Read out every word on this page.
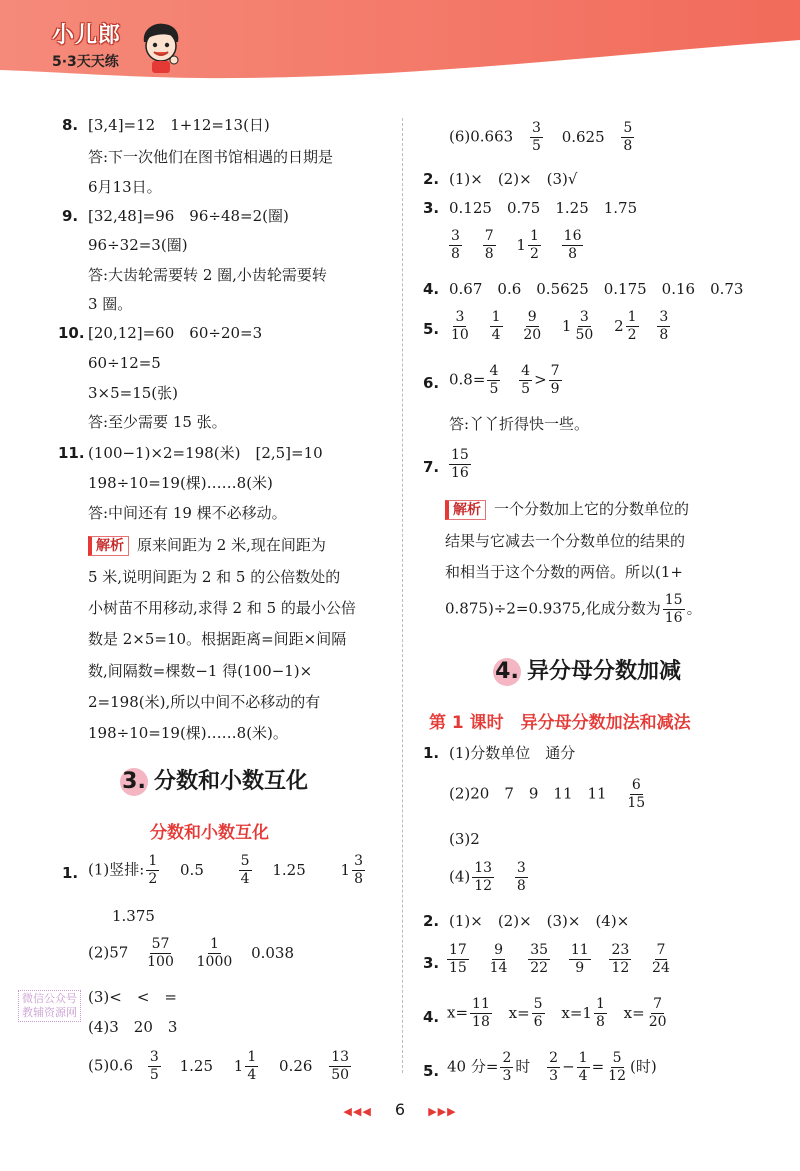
小儿郎
5·3天天练
8. [3,4]=12　1+12=13(日)
答:下一次他们在图书馆相遇的日期是
6月13日。
9. [32,48]=96　96÷48=2(圈)
96÷32=3(圈)
答:大齿轮需要转 2 圈,小齿轮需要转
3 圈。
10. [20,12]=60　60÷20=3
60÷12=5
3×5=15(张)
答:至少需要 15 张。
11. (100−1)×2=198(米)　[2,5]=10
198÷10=19(棵)……8(米)
答:中间还有 19 棵不必移动。
解析 原来间距为 2 米,现在间距为
5 米,说明间距为 2 和 5 的公倍数处的
小树苗不用移动,求得 2 和 5 的最小公倍
数是 2×5=10。根据距离=间距×间隔
数,间隔数=棵数−1 得(100−1)×
2=198(米),所以中间不必移动的有
198÷10=19(棵)……8(米)。
3. 分数和小数互化
分数和小数互化
1. (1)竖排: $\frac{1}{2} 0.5 \frac{5}{4} 1.25$ $1 \frac{3}{8}$
1.375
$(2)57 \frac{57}{100}$
$\frac{1}{1000} 0.038$
(3)<　<　=
(4)3　20　3
$(5)0.6 \frac{3}{5} 1.25$ $1 \frac{1}{4} 0.26 \frac{13}{50}$
微信公众号
教辅资源网
$(6)0.663 \frac{3}{5} 0.625 \frac{5}{8}$
2. (1)×　(2)×　(3)√
3. 0.125　0.75　1.25　1.75
$\frac{3}{8}$
$\frac{7}{8} 1 \frac{1}{2}$
$\frac{16}{8}$
4. 0.67　0.6　0.5625　0.175　0.16　0.73
5. $\frac{3}{10}$
$\frac{1}{4}$
$\frac{9}{20} 1 \frac{3}{50} 2 \frac{1}{2}$
$\frac{3}{8}$
6. $0.8= \frac{4}{5}$
$\frac{4}{5} > \frac{7}{9}$
答:丫丫折得快一些。
7. $\frac{15}{16}$
解析 一个分数加上它的分数单位的
结果与它减去一个分数单位的结果的
和相当于这个分数的两倍。所以(1+
0.875)÷2=0.9375,化成分数为 $\frac{15}{16}$ 。
4. 异分母分数加减
第 1 课时　异分母分数加法和减法
1. (1)分数单位　通分
(2)20　7　9　11　$11 \frac{6}{15}$
(3)2
$(4) \frac{13}{12}$
$\frac{3}{8}$
2. (1)×　(2)×　(3)×　(4)×
3. $\frac{17}{15}$
$\frac{9}{14}$
$\frac{35}{22}$
$\frac{11}{9}$
$\frac{23}{12}$
$\frac{7}{24}$
4. $x= \frac{11}{18} x= \frac{5}{6} x=1 \frac{1}{8} x= \frac{7}{20}$
5. 40 分= $\frac{2}{3}$ 时 $\frac{2}{3} - \frac{1}{4} = \frac{5}{12}$ (时)
◀◀◀ 6 ▶▶▶
